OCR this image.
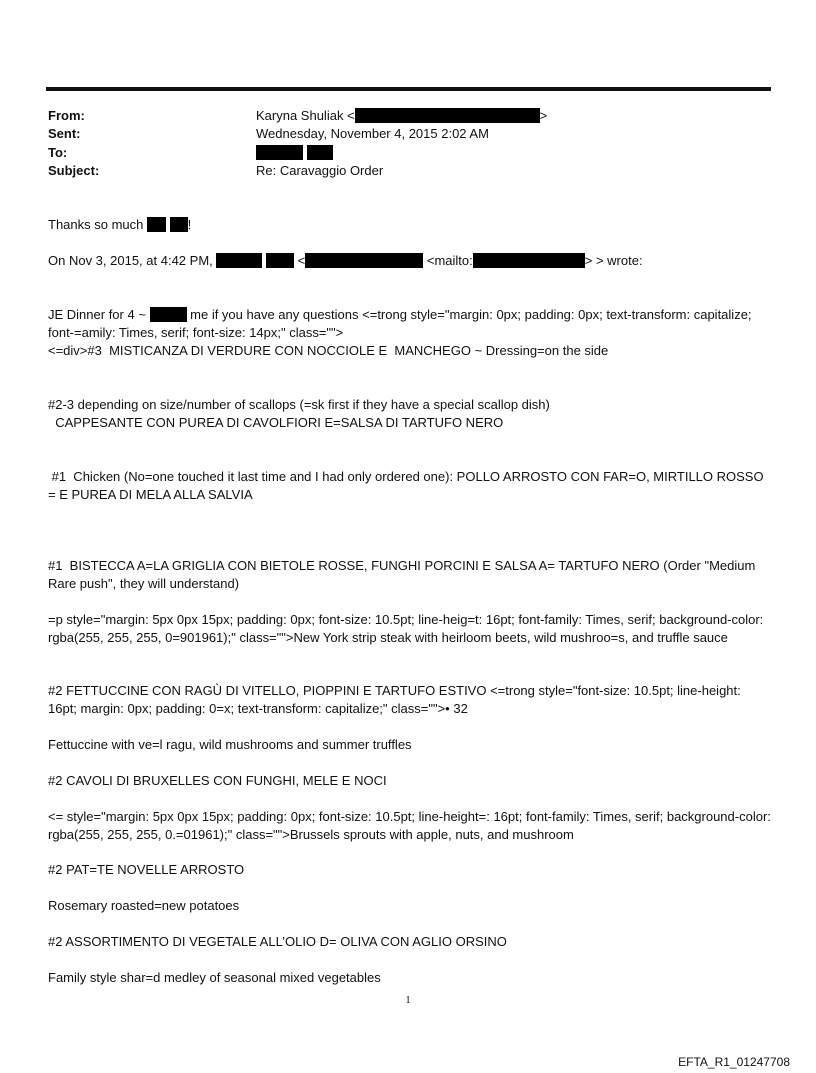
From:	Karyna Shuliak <	>
Sent:	Wednesday, November 4, 2015 2:02 AM
To:

Subject:	Re: Caravaggio Order
Thanks so much	!
On Nov 3, 2015, at 4:42 PM,	<	<mailto:	> > wrote:
JE Dinner for 4 ~	me if you have any questions <=trong style="margin: 0px; padding: 0px; text-transform: capitalize; font-=amily: Times, serif; font-size: 14px;" class="">
<=div>#3  MISTICANZA DI VERDURE CON NOCCIOLE E  MANCHEGO ~ Dressing=on the side
#2-3 depending on size/number of scallops (=sk first if they have a special scallop dish)
CAPPESANTE CON PUREA DI CAVOLFIORI E=SALSA DI TARTUFO NERO
#1  Chicken (No=one touched it last time and I had only ordered one): POLLO ARROSTO CON FAR=O, MIRTILLO ROSSO = E PUREA DI MELA ALLA SALVIA
#1  BISTECCA A=LA GRIGLIA CON BIETOLE ROSSE, FUNGHI PORCINI E SALSA A= TARTUFO NERO (Order "Medium Rare push", they will understand)
=p style="margin: 5px 0px 15px; padding: 0px; font-size: 10.5pt; line-heig=t: 16pt; font-family: Times, serif; background-color: rgba(255, 255, 255, 0=901961);" class="">New York strip steak with heirloom beets, wild mushroo=s, and truffle sauce
#2 FETTUCCINE CON RAGÙ DI VITELLO, PIOPPINI E TARTUFO ESTIVO <=trong style="font-size: 10.5pt; line-height: 16pt; margin: 0px; padding: 0=x; text-transform: capitalize;" class="">• 32
Fettuccine with ve=l ragu, wild mushrooms and summer truffles
#2 CAVOLI DI BRUXELLES CON FUNGHI, MELE E NOCI
<= style="margin: 5px 0px 15px; padding: 0px; font-size: 10.5pt; line-height=: 16pt; font-family: Times, serif; background-color: rgba(255, 255, 255, 0.=01961);" class="">Brussels sprouts with apple, nuts, and mushroom
#2 PAT=TE NOVELLE ARROSTO
Rosemary roasted=new potatoes
#2 ASSORTIMENTO DI VEGETALE ALL’OLIO D= OLIVA CON AGLIO ORSINO
Family style shar=d medley of seasonal mixed vegetables
1
EFTA_R1_01247708
